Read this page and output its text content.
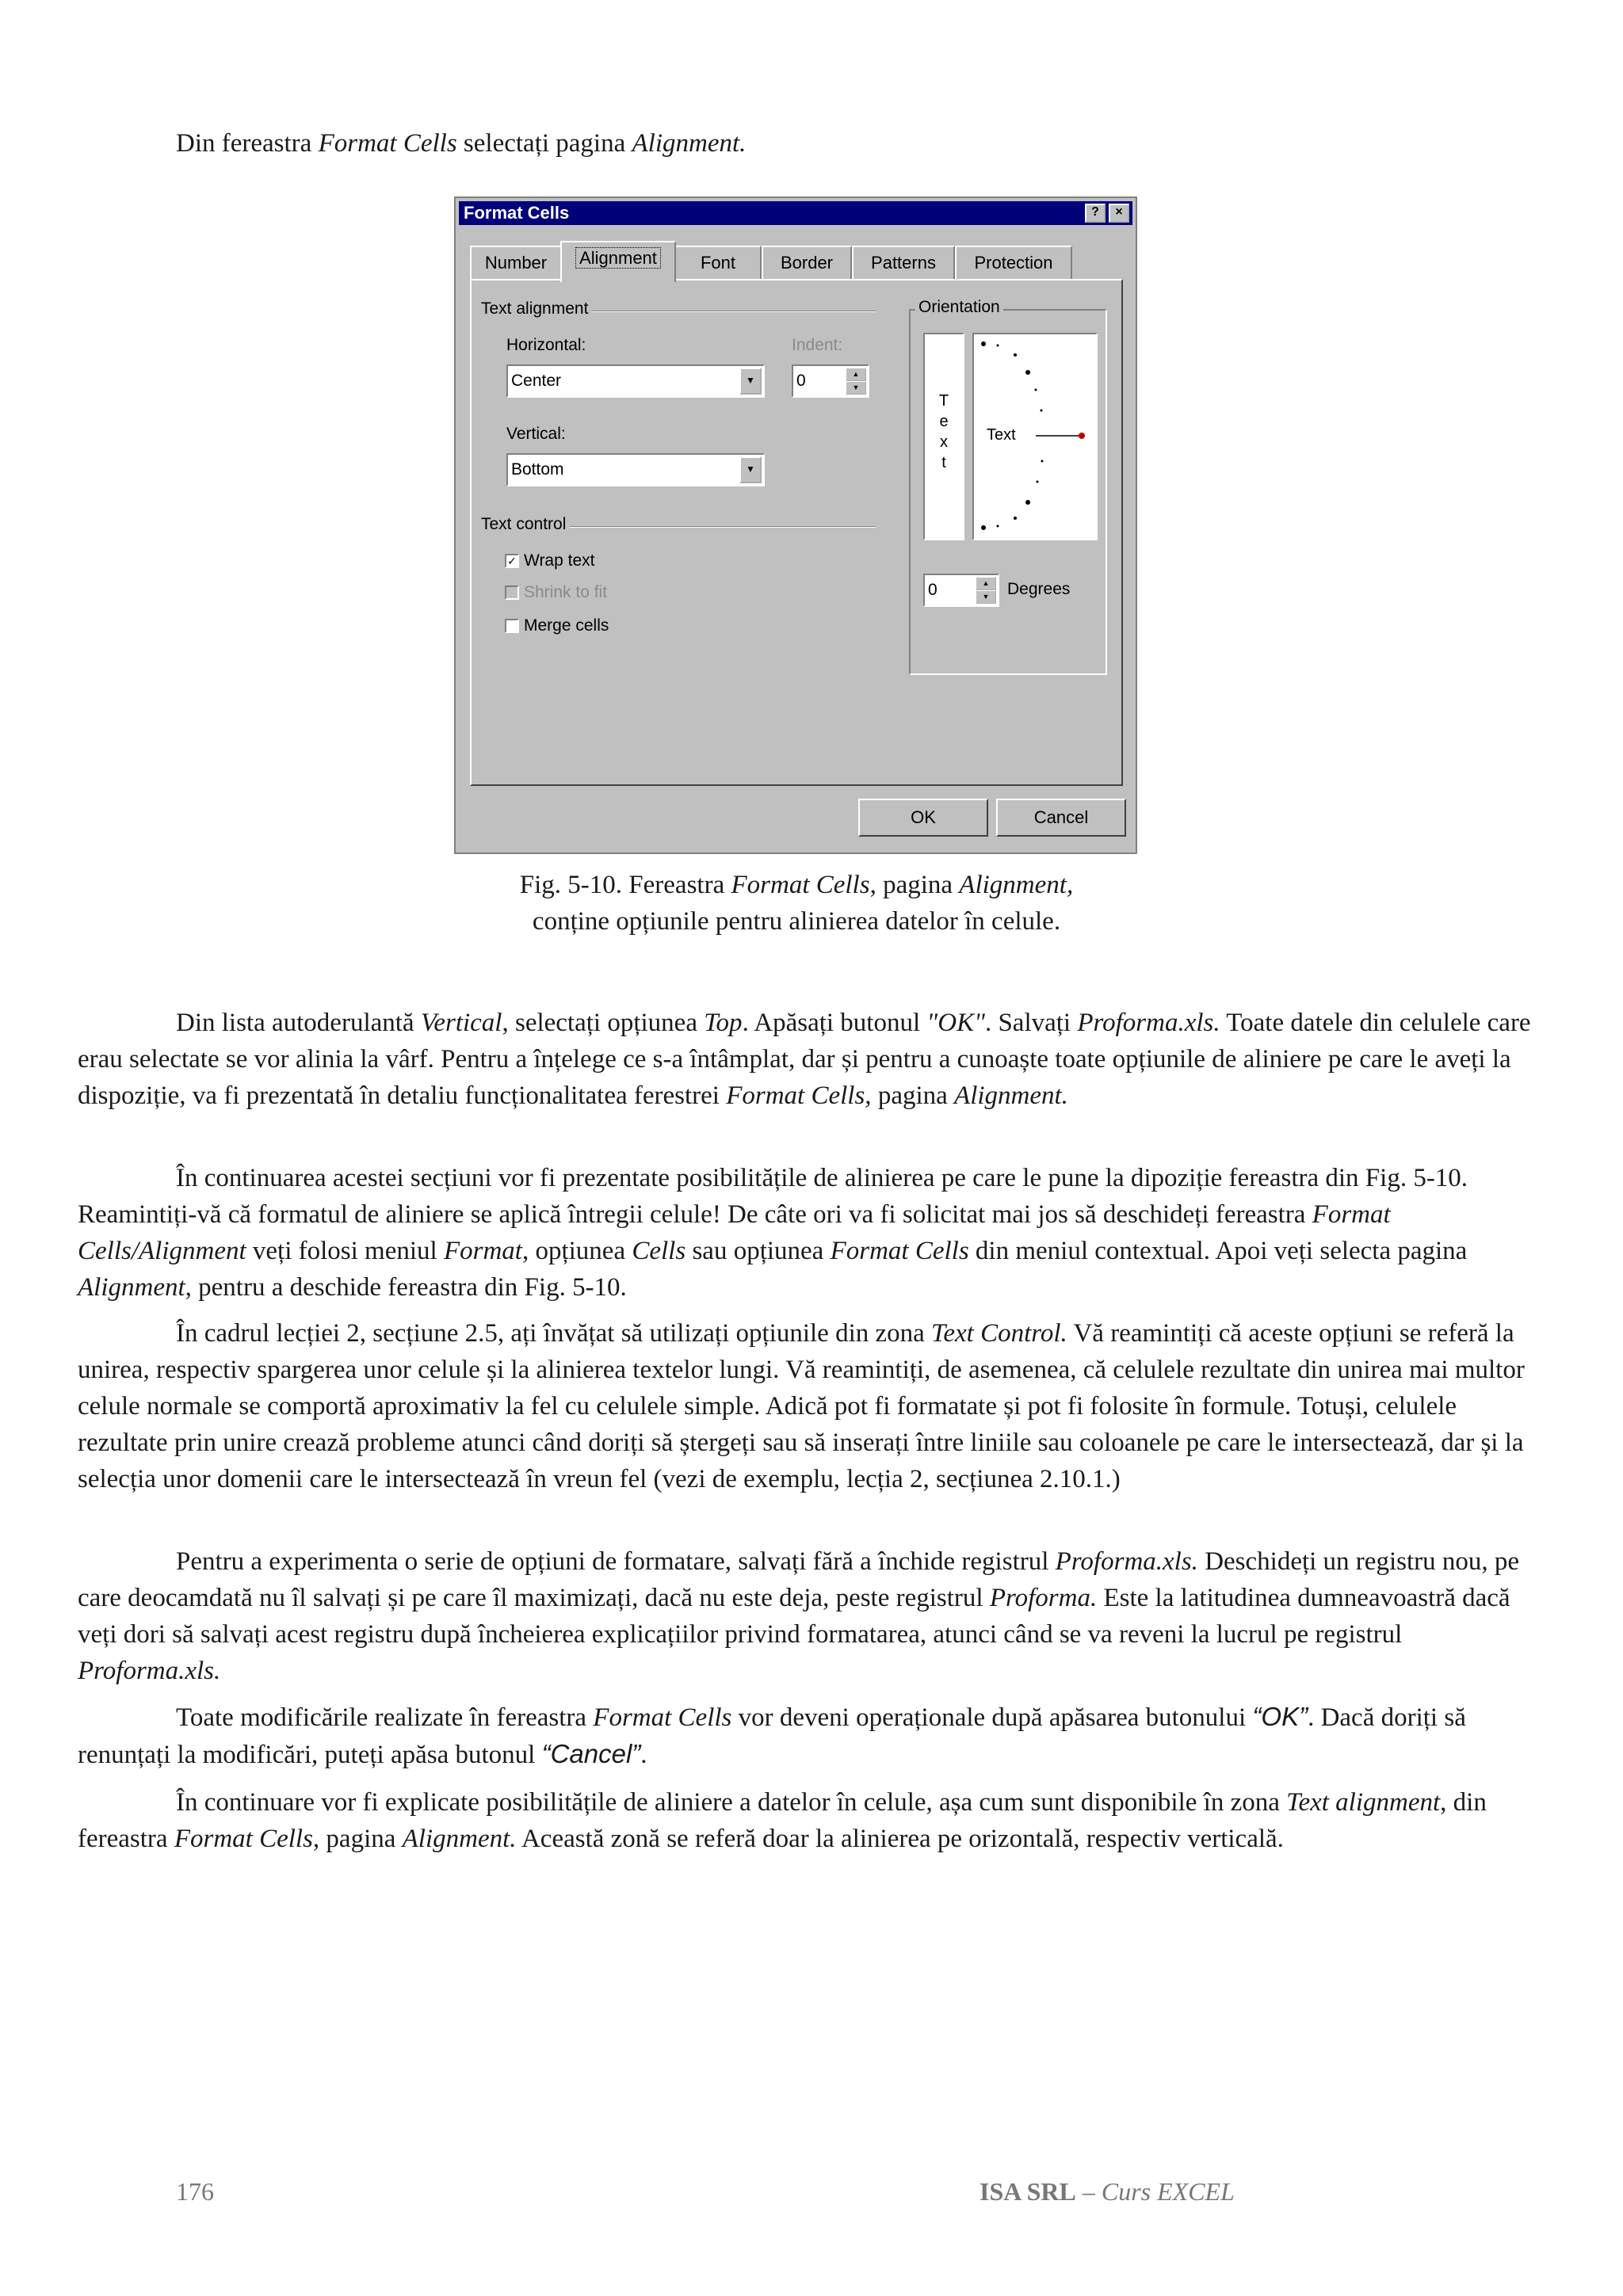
Din fereastra Format Cells selectați pagina Alignment.

Format Cells	?	×
Number	Alignment	Font	Border	Patterns	Protection
Text alignment
Horizontal:
Center	▼
Indent:
0	▲
▼
Vertical:
Bottom	▼
Text control
✓ Wrap text
Shrink to fit
Merge cells
Orientation
T
e
x
t
Text
0	▲
▼	Degrees
OK	Cancel
Fig. 5-10. Fereastra Format Cells, pagina Alignment,
conține opțiunile pentru alinierea datelor în celule.

Din lista autoderulantă Vertical, selectați opțiunea Top. Apăsați butonul "OK". Salvați Proforma.xls. Toate datele din celulele care erau selectate se vor alinia la vârf. Pentru a înțelege ce s-a întâmplat, dar și pentru a cunoaște toate opțiunile de aliniere pe care le aveți la dispoziție, va fi prezentată în detaliu funcționalitatea ferestrei Format Cells, pagina Alignment.

În continuarea acestei secțiuni vor fi prezentate posibilitățile de alinierea pe care le pune la dipoziție fereastra din Fig. 5-10. Reamintiți-vă că formatul de aliniere se aplică întregii celule! De câte ori va fi solicitat mai jos să deschideți fereastra Format Cells/Alignment veți folosi meniul Format, opțiunea Cells sau opțiunea Format Cells din meniul contextual. Apoi veți selecta pagina Alignment, pentru a deschide fereastra din Fig. 5-10.

În cadrul lecției 2, secțiune 2.5, ați învățat să utilizați opțiunile din zona Text Control. Vă reamintiți că aceste opțiuni se referă la unirea, respectiv spargerea unor celule și la alinierea textelor lungi. Vă reamintiți, de asemenea, că celulele rezultate din unirea mai multor celule normale se comportă aproximativ la fel cu celulele simple. Adică pot fi formatate și pot fi folosite în formule. Totuși, celulele rezultate prin unire crează probleme atunci când doriți să ștergeți sau să inserați între liniile sau coloanele pe care le intersectează, dar și la selecția unor domenii care le intersectează în vreun fel (vezi de exemplu, lecția 2, secțiunea 2.10.1.)

Pentru a experimenta o serie de opțiuni de formatare, salvați fără a închide registrul Proforma.xls. Deschideți un registru nou, pe care deocamdată nu îl salvați și pe care îl maximizați, dacă nu este deja, peste registrul Proforma. Este la latitudinea dumneavoastră dacă veți dori să salvați acest registru după încheierea explicațiilor privind formatarea, atunci când se va reveni la lucrul pe registrul Proforma.xls.

Toate modificările realizate în fereastra Format Cells vor deveni operaționale după apăsarea butonului “OK”. Dacă doriți să renunțați la modificări, puteți apăsa butonul “Cancel”.

În continuare vor fi explicate posibilitățile de aliniere a datelor în celule, așa cum sunt disponibile în zona Text alignment, din fereastra Format Cells, pagina Alignment. Această zonă se referă doar la alinierea pe orizontală, respectiv verticală.

176	ISA SRL – Curs EXCEL
